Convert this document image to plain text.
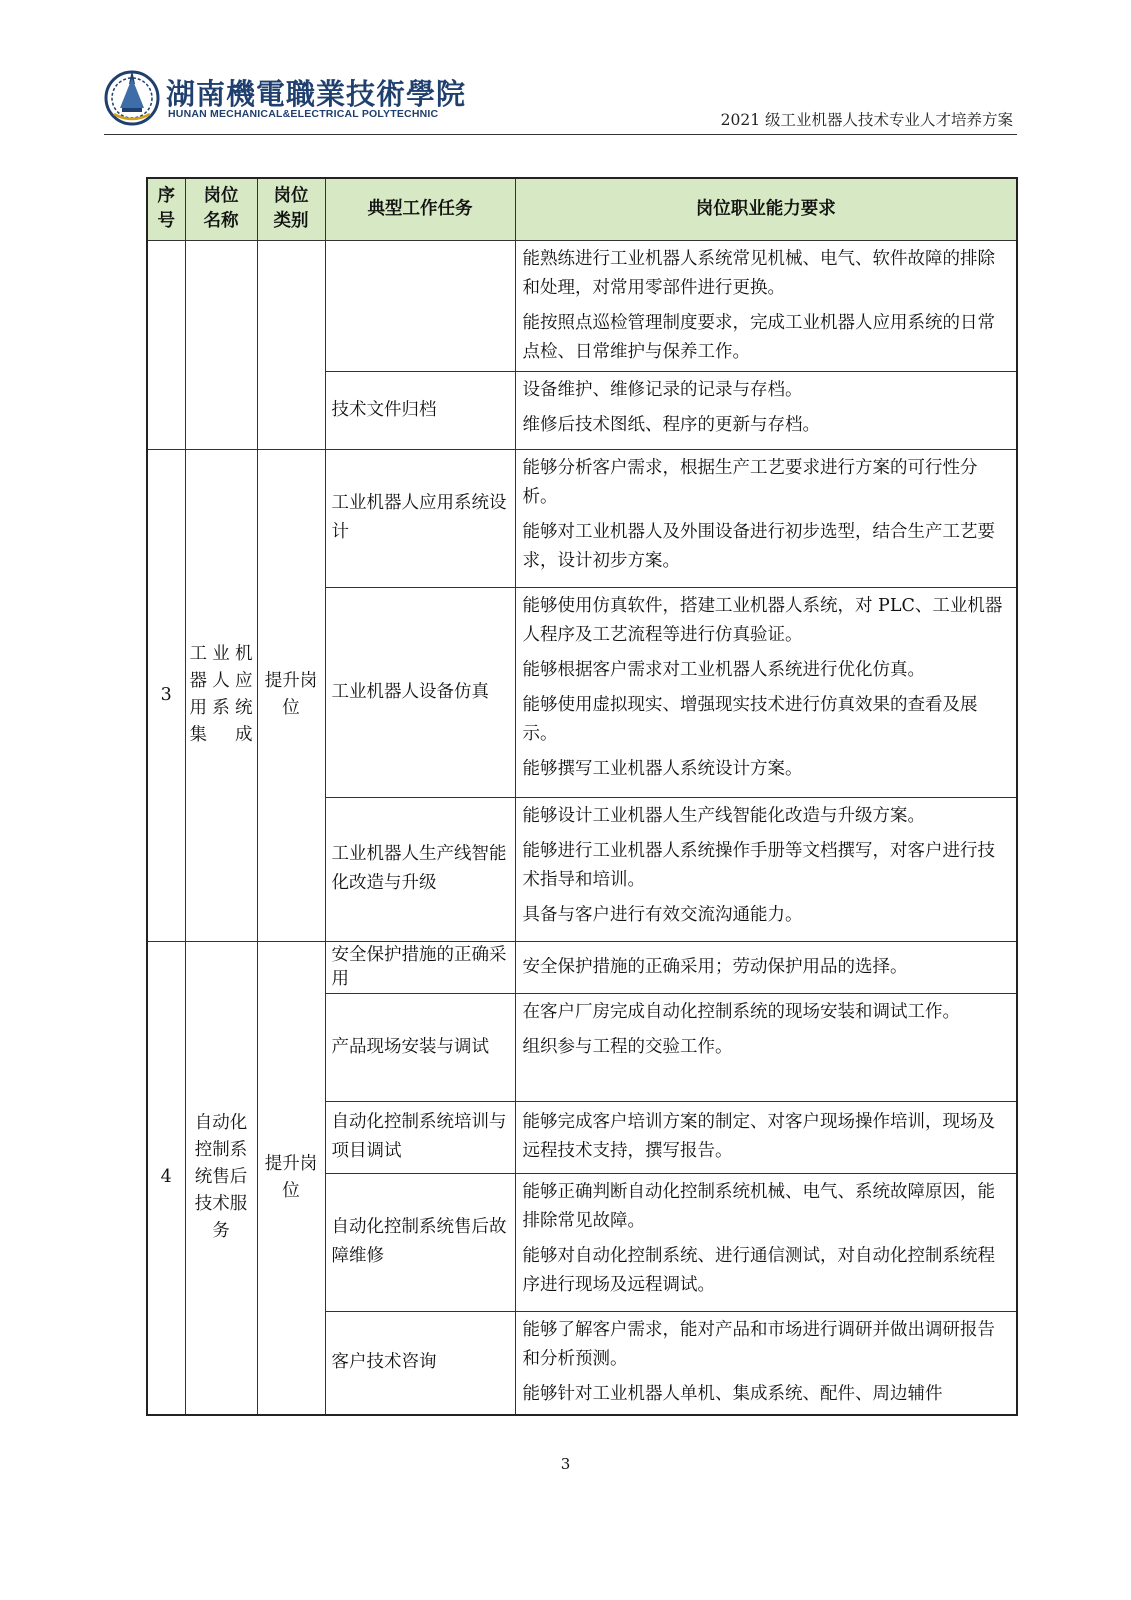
湖南機電職業技術學院
HUNAN MECHANICAL&ELECTRICAL POLYTECHNIC	2021 级工业机器人技术专业人才培养方案
序号	岗位名称	岗位类别	典型工作任务	岗位职业能力要求

				能熟练进行工业机器人系统常见机械、电气、软件故障的排除和处理，对常用零部件进行更换。
能按照点巡检管理制度要求，完成工业机器人应用系统的日常点检、日常维护与保养工作。

			技术文件归档	设备维护、维修记录的记录与存档。
维修后技术图纸、程序的更新与存档。

3	工业机器人应用系统集成	提升岗位	工业机器人应用系统设计	能够分析客户需求，根据生产工艺要求进行方案的可行性分析。
能够对工业机器人及外围设备进行初步选型，结合生产工艺要求，设计初步方案。

			工业机器人设备仿真	能够使用仿真软件，搭建工业机器人系统，对 PLC、工业机器人程序及工艺流程等进行仿真验证。
能够根据客户需求对工业机器人系统进行优化仿真。
能够使用虚拟现实、增强现实技术进行仿真效果的查看及展示。
能够撰写工业机器人系统设计方案。

			工业机器人生产线智能化改造与升级	能够设计工业机器人生产线智能化改造与升级方案。
能够进行工业机器人系统操作手册等文档撰写，对客户进行技术指导和培训。
具备与客户进行有效交流沟通能力。

4	自动化控制系统售后技术服务	提升岗位	安全保护措施的正确采用	安全保护措施的正确采用；劳动保护用品的选择。

			产品现场安装与调试	在客户厂房完成自动化控制系统的现场安装和调试工作。
组织参与工程的交验工作。

			自动化控制系统培训与项目调试	能够完成客户培训方案的制定、对客户现场操作培训，现场及远程技术支持，撰写报告。

			自动化控制系统售后故障维修	能够正确判断自动化控制系统机械、电气、系统故障原因，能排除常见故障。
能够对自动化控制系统、进行通信测试，对自动化控制系统程序进行现场及远程调试。

			客户技术咨询	能够了解客户需求，能对产品和市场进行调研并做出调研报告和分析预测。
能够针对工业机器人单机、集成系统、配件、周边辅件
3
